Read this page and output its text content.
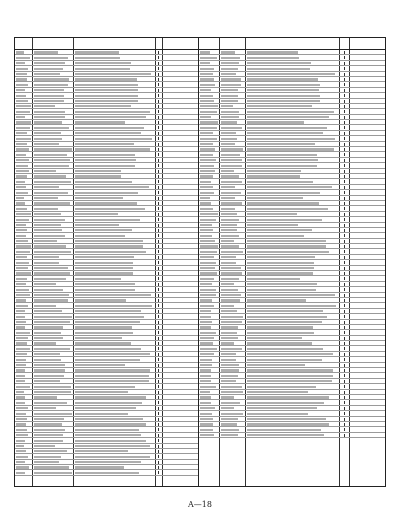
A—18
